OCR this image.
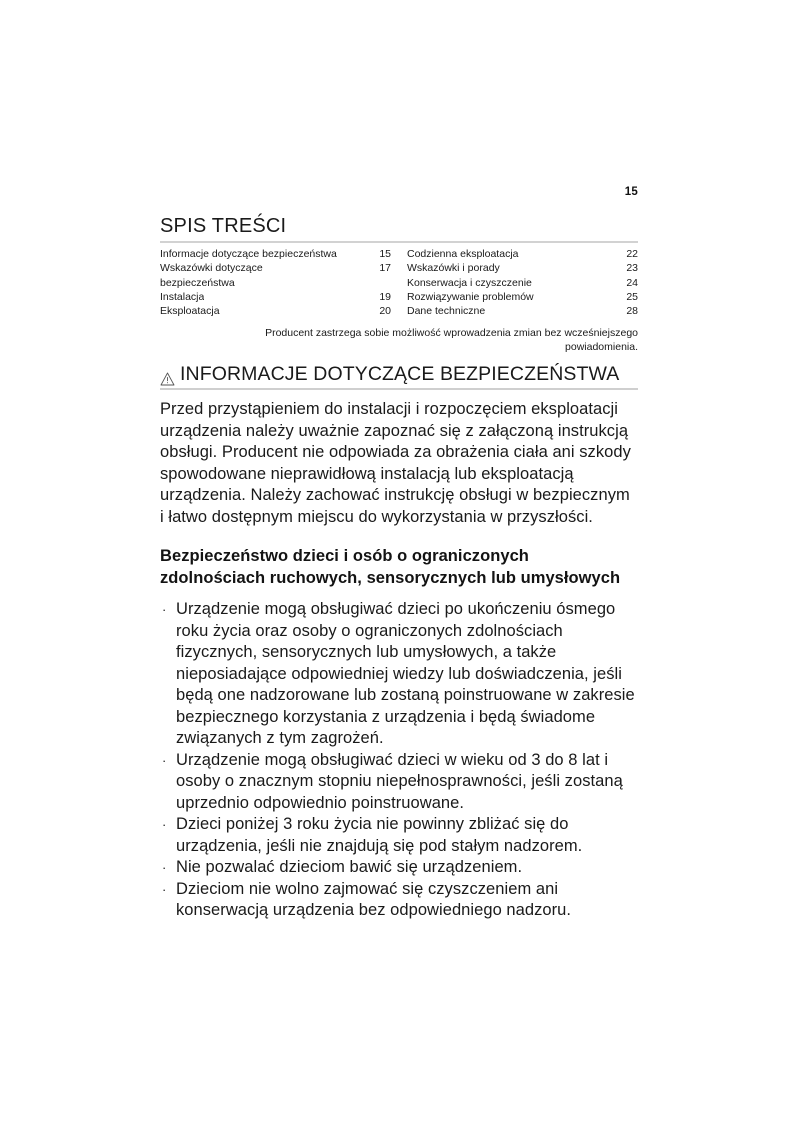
15
SPIS TREŚCI
Informacje dotyczące bezpieczeństwa	15
Wskazówki dotyczące	17
bezpieczeństwa
Instalacja	19
Eksploatacja	20
Codzienna eksploatacja	22
Wskazówki i porady	23
Konserwacja i czyszczenie	24
Rozwiązywanie problemów	25
Dane techniczne	28
Producent zastrzega sobie możliwość wprowadzenia zmian bez wcześniejszego powiadomienia.
INFORMACJE DOTYCZĄCE BEZPIECZEŃSTWA
Przed przystąpieniem do instalacji i rozpoczęciem eksploatacji urządzenia należy uważnie zapoznać się z załączoną instrukcją obsługi. Producent nie odpowiada za obrażenia ciała ani szkody spowodowane nieprawidłową instalacją lub eksploatacją urządzenia. Należy zachować instrukcję obsługi w bezpiecznym i łatwo dostępnym miejscu do wykorzystania w przyszłości.
Bezpieczeństwo dzieci i osób o ograniczonych zdolnościach ruchowych, sensorycznych lub umysłowych
· Urządzenie mogą obsługiwać dzieci po ukończeniu ósmego roku życia oraz osoby o ograniczonych zdolnościach fizycznych, sensorycznych lub umysłowych, a także nieposiadające odpowiedniej wiedzy lub doświadczenia, jeśli będą one nadzorowane lub zostaną poinstruowane w zakresie bezpiecznego korzystania z urządzenia i będą świadome związanych z tym zagrożeń.
· Urządzenie mogą obsługiwać dzieci w wieku od 3 do 8 lat i osoby o znacznym stopniu niepełnosprawności, jeśli zostaną uprzednio odpowiednio poinstruowane.
· Dzieci poniżej 3 roku życia nie powinny zbliżać się do urządzenia, jeśli nie znajdują się pod stałym nadzorem.
· Nie pozwalać dzieciom bawić się urządzeniem.
· Dzieciom nie wolno zajmować się czyszczeniem ani konserwacją urządzenia bez odpowiedniego nadzoru.
